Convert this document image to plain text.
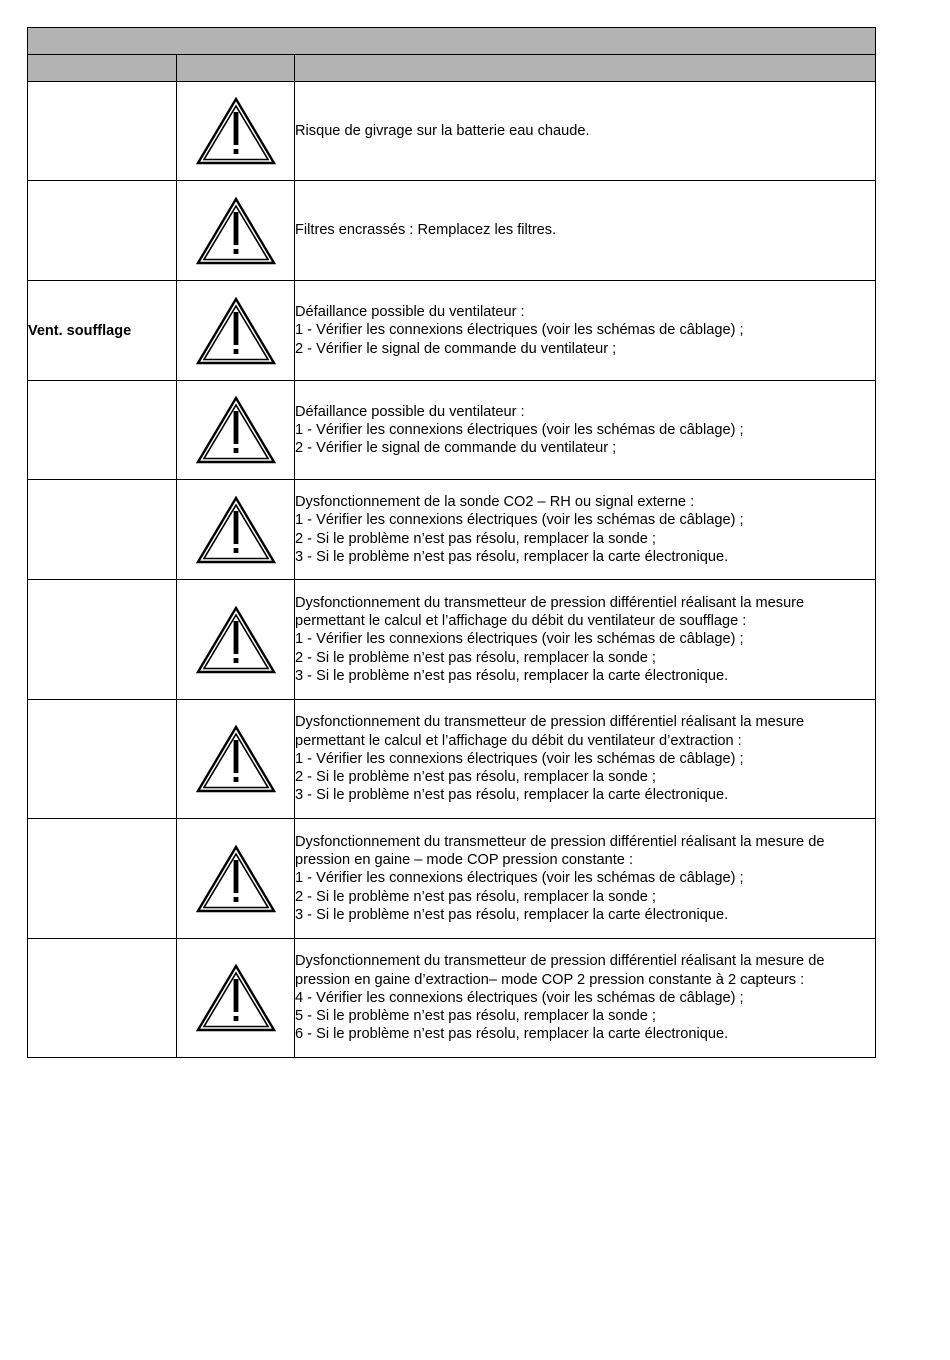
Risque de givrage sur la batterie eau chaude.

Filtres encrassés : Remplacez les filtres.

Vent. soufflage		Défaillance possible du ventilateur :
1 - Vérifier les connexions électriques (voir les schémas de câblage) ;
2 - Vérifier le signal de commande du ventilateur ;

Défaillance possible du ventilateur :
1 - Vérifier les connexions électriques (voir les schémas de câblage) ;
2 - Vérifier le signal de commande du ventilateur ;

Dysfonctionnement de la sonde CO2 – RH ou signal externe :
1 - Vérifier les connexions électriques (voir les schémas de câblage) ;
2 - Si le problème n’est pas résolu, remplacer la sonde ;
3 - Si le problème n’est pas résolu, remplacer la carte électronique.

Dysfonctionnement du transmetteur de pression différentiel réalisant la mesure
permettant le calcul et l’affichage du débit du ventilateur de soufflage :
1 - Vérifier les connexions électriques (voir les schémas de câblage) ;
2 - Si le problème n’est pas résolu, remplacer la sonde ;
3 - Si le problème n’est pas résolu, remplacer la carte électronique.

Dysfonctionnement du transmetteur de pression différentiel réalisant la mesure
permettant le calcul et l’affichage du débit du ventilateur d’extraction :
1 - Vérifier les connexions électriques (voir les schémas de câblage) ;
2 - Si le problème n’est pas résolu, remplacer la sonde ;
3 - Si le problème n’est pas résolu, remplacer la carte électronique.

Dysfonctionnement du transmetteur de pression différentiel réalisant la mesure de
pression en gaine – mode COP pression constante :
1 - Vérifier les connexions électriques (voir les schémas de câblage) ;
2 - Si le problème n’est pas résolu, remplacer la sonde ;
3 - Si le problème n’est pas résolu, remplacer la carte électronique.

Dysfonctionnement du transmetteur de pression différentiel réalisant la mesure de
pression en gaine d’extraction– mode COP 2 pression constante à 2 capteurs :
4 - Vérifier les connexions électriques (voir les schémas de câblage) ;
5 - Si le problème n’est pas résolu, remplacer la sonde ;
6 - Si le problème n’est pas résolu, remplacer la carte électronique.
